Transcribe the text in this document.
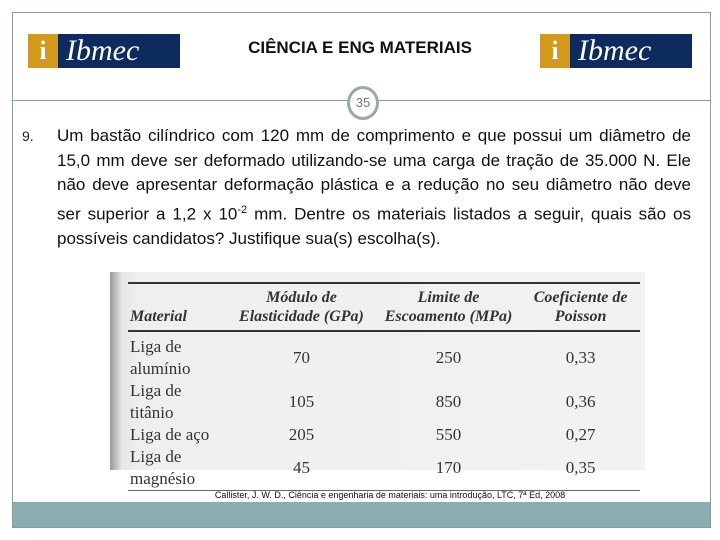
i Ibmec	CIÊNCIA E ENG MATERIAIS	i Ibmec
35
9. Um bastão cilíndrico com 120 mm de comprimento e que possui um diâmetro de 15,0 mm deve ser deformado utilizando-se uma carga de tração de 35.000 N. Ele não deve apresentar deformação plástica e a redução no seu diâmetro não deve ser superior a 1,2 x $10^{-2}$ mm. Dentre os materiais listados a seguir, quais são os possíveis candidatos? Justifique sua(s) escolha(s).
Material	Módulo de Elasticidade (GPa)	Limite de Escoamento (MPa)	Coeficiente de Poisson
Liga de alumínio	70	250	0,33
Liga de titânio	105	850	0,36
Liga de aço	205	550	0,27
Liga de magnésio	45	170	0,35
Callister, J. W. D., Ciência e engenharia de materiais: uma introdução, LTC, 7ª Ed, 2008
